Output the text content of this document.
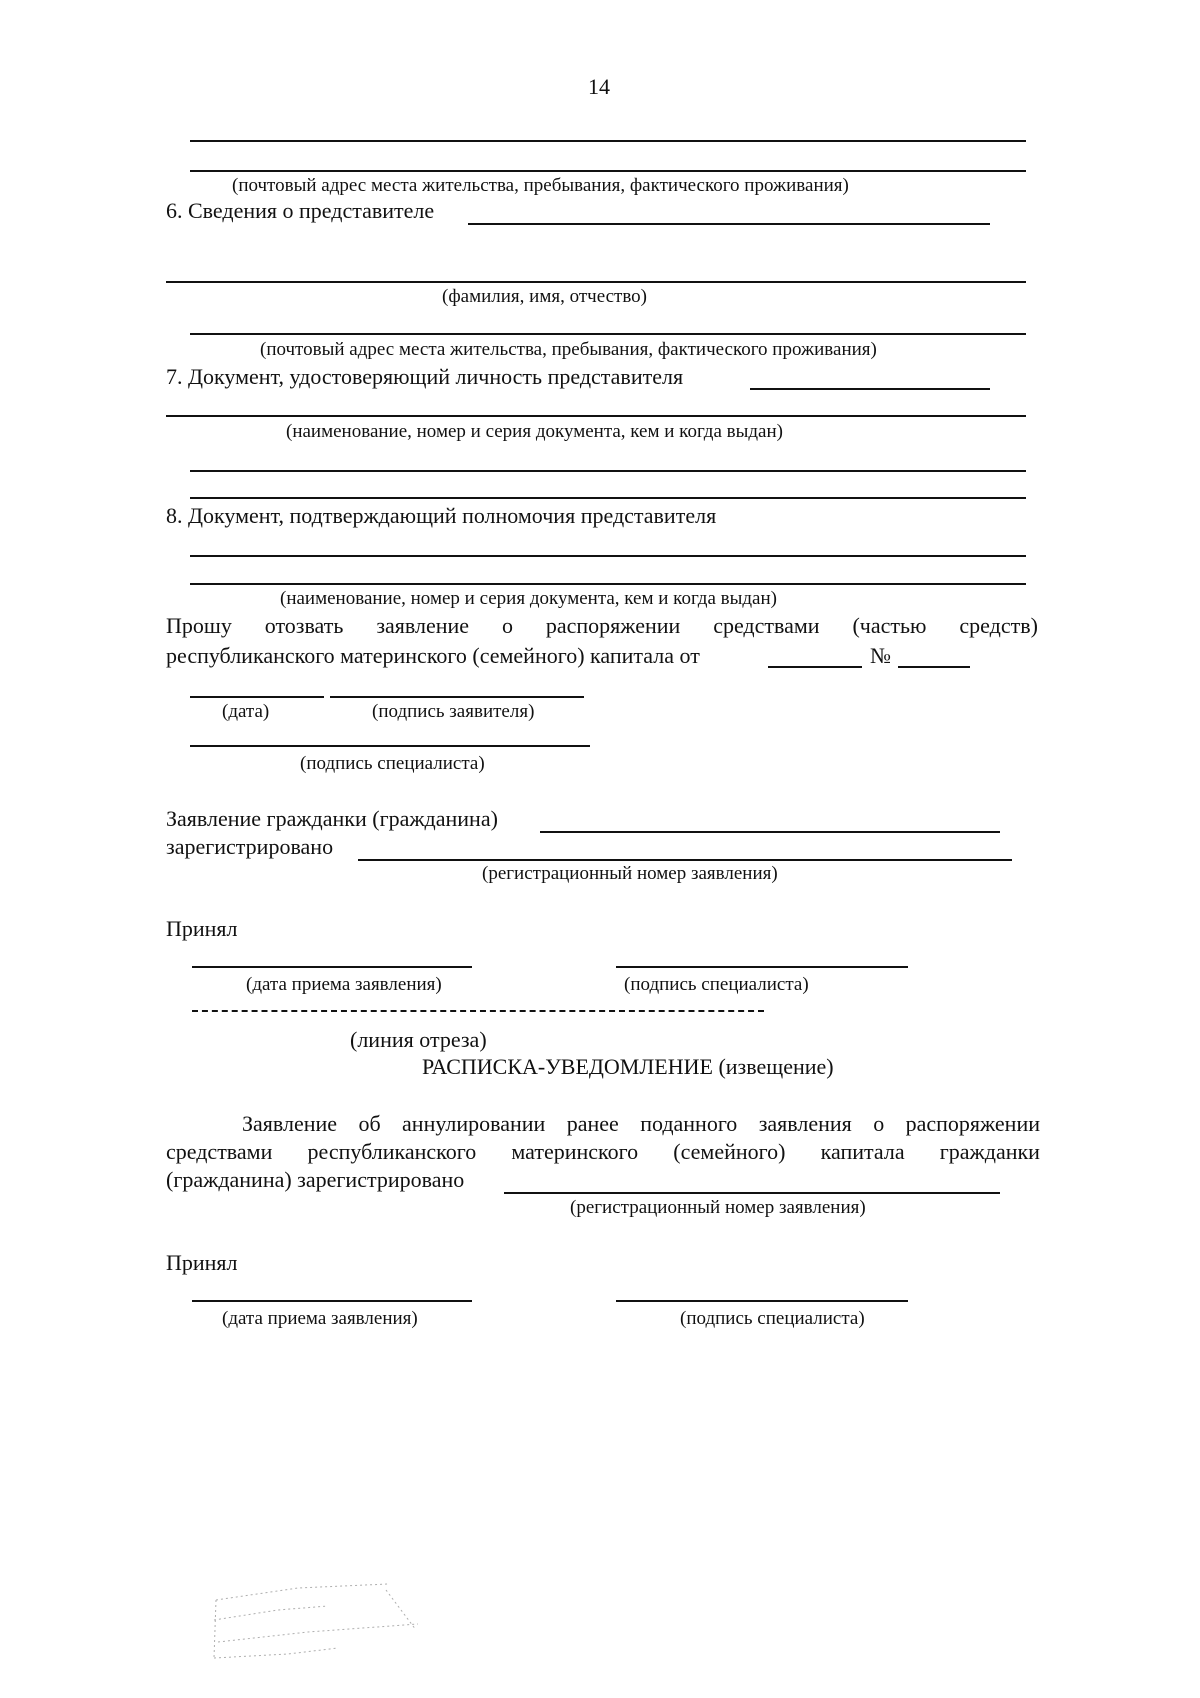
14
(почтовый адрес места жительства, пребывания, фактического проживания)
6. Сведения о представителе
(фамилия, имя, отчество)
(почтовый адрес места жительства, пребывания, фактического проживания)
7. Документ, удостоверяющий личность представителя
(наименование, номер и серия документа, кем и когда выдан)
8. Документ, подтверждающий полномочия представителя
(наименование, номер и серия документа, кем и когда выдан)
Прошу отозвать заявление о распоряжении средствами (частью средств)
республиканского материнского (семейного) капитала от	№
(дата)	(подпись заявителя)
(подпись специалиста)
Заявление гражданки (гражданина)
зарегистрировано
(регистрационный номер заявления)
Принял
(дата приема заявления)	(подпись специалиста)
(линия отреза)
РАСПИСКА-УВЕДОМЛЕНИЕ (извещение)
Заявление об аннулировании ранее поданного заявления о распоряжении
средствами республиканского материнского (семейного) капитала гражданки
(гражданина) зарегистрировано
(регистрационный номер заявления)
Принял
(дата приема заявления)	(подпись специалиста)
